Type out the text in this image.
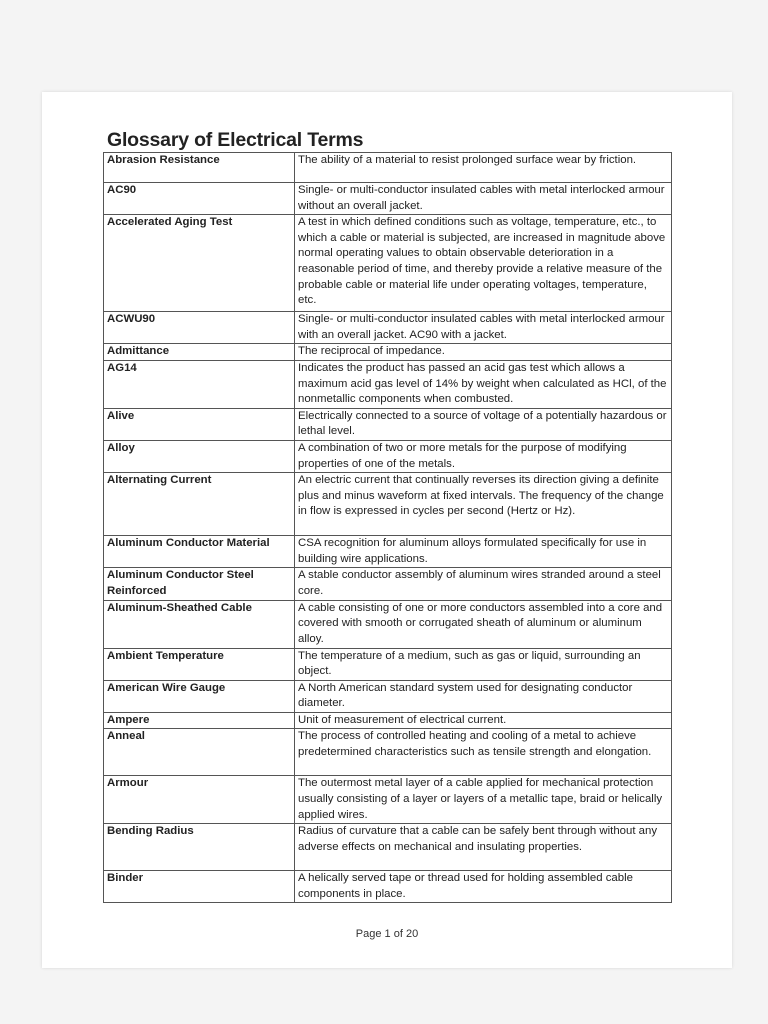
Glossary of Electrical Terms
Abrasion Resistance	The ability of a material to resist prolonged surface wear by friction.
AC90	Single- or multi-conductor insulated cables with metal interlocked armour without an overall jacket.
Accelerated Aging Test	A test in which defined conditions such as voltage, temperature, etc., to which a cable or material is subjected, are increased in magnitude above normal operating values to obtain observable deterioration in a reasonable period of time, and thereby provide a relative measure of the probable cable or material life under operating voltages, temperature, etc.
ACWU90	Single- or multi-conductor insulated cables with metal interlocked armour with an overall jacket. AC90 with a jacket.
Admittance	The reciprocal of impedance.
AG14	Indicates the product has passed an acid gas test which allows a maximum acid gas level of 14% by weight when calculated as HCl, of the nonmetallic components when combusted.
Alive	Electrically connected to a source of voltage of a potentially hazardous or lethal level.
Alloy	A combination of two or more metals for the purpose of modifying properties of one of the metals.
Alternating Current	An electric current that continually reverses its direction giving a definite plus and minus waveform at fixed intervals. The frequency of the change in flow is expressed in cycles per second (Hertz or Hz).
Aluminum Conductor Material	CSA recognition for aluminum alloys formulated specifically for use in building wire applications.
Aluminum Conductor Steel Reinforced	A stable conductor assembly of aluminum wires stranded around a steel core.
Aluminum-Sheathed Cable	A cable consisting of one or more conductors assembled into a core and covered with smooth or corrugated sheath of aluminum or aluminum alloy.
Ambient Temperature	The temperature of a medium, such as gas or liquid, surrounding an object.
American Wire Gauge	A North American standard system used for designating conductor diameter.
Ampere	Unit of measurement of electrical current.
Anneal	The process of controlled heating and cooling of a metal to achieve predetermined characteristics such as tensile strength and elongation.
Armour	The outermost metal layer of a cable applied for mechanical protection usually consisting of a layer or layers of a metallic tape, braid or helically applied wires.
Bending Radius	Radius of curvature that a cable can be safely bent through without any adverse effects on mechanical and insulating properties.
Binder	A helically served tape or thread used for holding assembled cable components in place.
Page 1 of 20
